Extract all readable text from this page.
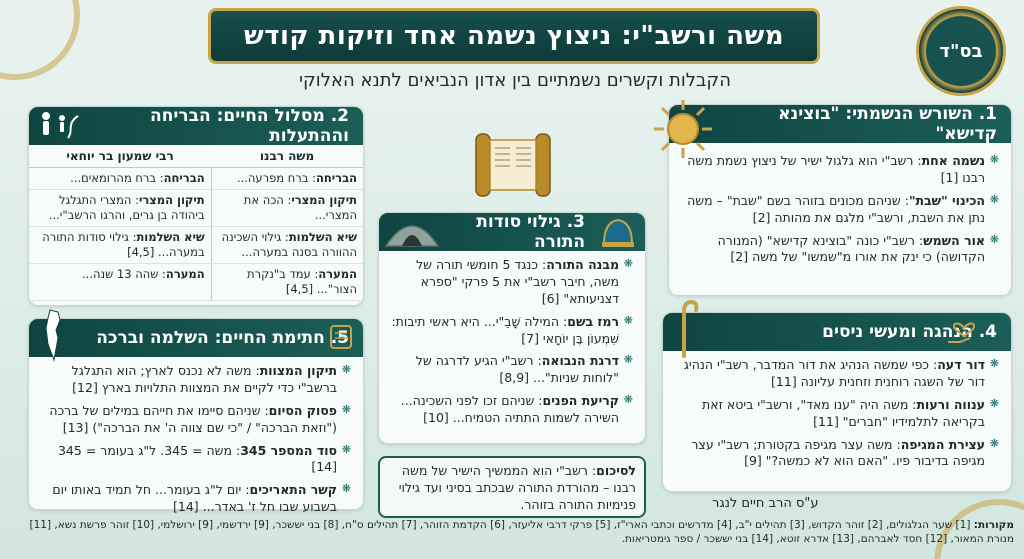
משה ורשב"י: ניצוץ נשמה אחד וזיקות קודש	בס"ד
הקבלות וקשרים נשמתיים בין אדון הנביאים לתנא האלוקי
1. השורש הנשמתי: "בוצינא קדישא"
❋ נשמה אחת: רשב"י הוא גלגול ישיר של ניצוץ נשמת משה רבנו [1]
❋ הכינוי "שבת": שניהם מכונים בזוהר בשם "שבת" – משה נתן את השבת, ורשב"י מלגם את מהותה [2]
❋ אור השמש: רשב"י כונה "בוצינא קדישא" (המנורה הקדושה) כי ינק את אורו מ"שמשו" של משה [2]
2. מסלול החיים: הבריחה וההתעלות
משה רבנו	רבי שמעון בר יוחאי
הבריחה: ברח מפרעה...	הבריחה: ברח מהרומאים...
תיקון המצרי: הכה את המצרי...	תיקון המצרי: המצרי התגלגל ביהודה בן גרים, והרגו הרשב"י...
שיא השלמות: גילוי השכינה ההוורה בסנה במערה...	שיא השלמות: גילוי סודות התורה במערה... [4,5]
המערה: עמד ב"נקרת הצור"... [4,5]	המערה: שהה 13 שנה...
3. גילוי סודות התורה
❋ מבנה התורה: כנגד 5 חומשי תורה של משה, חיבר רשב"י את 5 פרקי "ספרא דצניעותא" [6]
❋ רמז בשם: המילה שָׁבֵ"י... היא ראשי תיבות: שִׁמְעוֹן בֶּן יוֹחָאי [7]
❋ דרגת הנבואה: רשב"י הגיע לדרגה של "לוחות שניות"... [8,9]
❋ קריעת הפנים: שניהם זכו לפני השכינה... השירה לשמות התתיה הטמיח... [10]
4. הנהגה ומעשי ניסים
❋ דור דעה: כפי שמשה הנהיג את דור המדבר, רשב"י הנהיג דור של השגה רוחנית וזחנית עליונה [11]
❋ ענווה ורעות: משה היה "ענו מאד", ורשב"י ביטא זאת בקריאה לתלמידיו "חברים" [11]
❋ עצירת המגיפה: משה עצר מגיפה בקטורת; רשב"י עצר מגיפה בדיבור פיו. "האם הוא לא כמשה?" [9]
5. חתימת החיים: השלמה וברכה
❋ תיקון המצוות: משה לא נכנס לארץ; הוא התגלגל ברשב"י כדי לקיים את המצוות התלויות בארץ [12]
❋ פסוק הסיום: שניהם סיימו את חייהם במילים של ברכה ("וזאת הברכה" / "כי שם צווה ה' את הברכה") [13]
❋ סוד המספר 345: משה = 345. ל"ג בעומר = 345 [14]
❋ קשר התאריכים: יום ל"ג בעומר... חל תמיד באותו יום בשבוע שבו חל ז' באדר... [14]
לסיכום: רשב"י הוא הממשיך הישיר של משה רבנו – מהורדת התורה שבכתב בסיני ועד גילוי פנימיות התורה בזוהר.	ע"ס הרב חיים לנגר
מקורות: [1] שער הגלגולים, [2] זוהר הקדוש, [3] תהילים י"ב, [4] מדרשים וכתבי הארי"ז, [5] פרקי דרבי אליעזר, [6] הקדמת הזוהר, [7] תהילים ס"ח, [8] בני יששכר, [9] ירדשמי, [9] ירושלמי, [10] זוהר פרשת נשא, [11] מנורת המאור, [12] חסד לאברהם, [13] אדרא זוטא, [14] בני יששכר / ספר גימטריאות.
